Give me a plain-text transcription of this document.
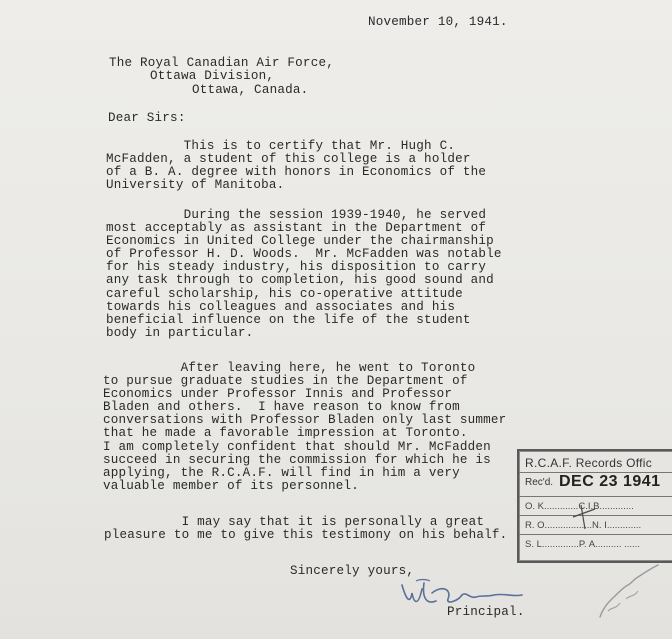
November 10, 1941.
The Royal Canadian Air Force,
Ottawa Division,
Ottawa, Canada.
Dear Sirs:
This is to certify that Mr. Hugh C.
McFadden, a student of this college is a holder
of a B. A. degree with honors in Economics of the
University of Manitoba.
During the session 1939-1940, he served
most acceptably as assistant in the Department of
Economics in United College under the chairmanship
of Professor H. D. Woods.  Mr. McFadden was notable
for his steady industry, his disposition to carry
any task through to completion, his good sound and
careful scholarship, his co-operative attitude
towards his colleagues and associates and his
beneficial influence on the life of the student
body in particular.
After leaving here, he went to Toronto
to pursue graduate studies in the Department of
Economics under Professor Innis and Professor
Bladen and others.  I have reason to know from
conversations with Professor Bladen only last summer
that he made a favorable impression at Toronto.
I am completely confident that should Mr. McFadden
succeed in securing the commission for which he is
applying, the R.C.A.F. will find in him a very
valuable member of its personnel.
I may say that it is personally a great
pleasure to me to give this testimony on his behalf.
Sincerely yours,
Principal.
R.C.A.F. Records Offic
Rec'd. DEC 23 1941
O. K.............C.I.B.............
R. O..................N. I.............
S. L..............P. A.......... ......
